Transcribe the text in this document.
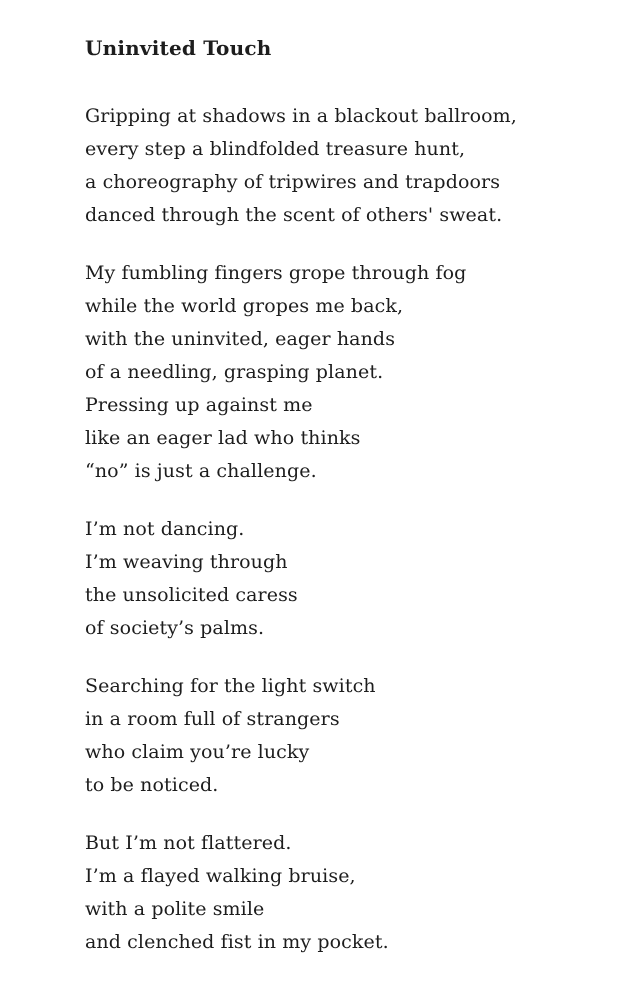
Uninvited Touch
Gripping at shadows in a blackout ballroom,
every step a blindfolded treasure hunt,
a choreography of tripwires and trapdoors
danced through the scent of others' sweat.
My fumbling fingers grope through fog
while the world gropes me back,
with the uninvited, eager hands
of a needling, grasping planet.
Pressing up against me
like an eager lad who thinks
“no” is just a challenge.
I’m not dancing.
I’m weaving through
the unsolicited caress
of society’s palms.
Searching for the light switch
in a room full of strangers
who claim you’re lucky
to be noticed.
But I’m not flattered.
I’m a flayed walking bruise,
with a polite smile
and clenched fist in my pocket.
